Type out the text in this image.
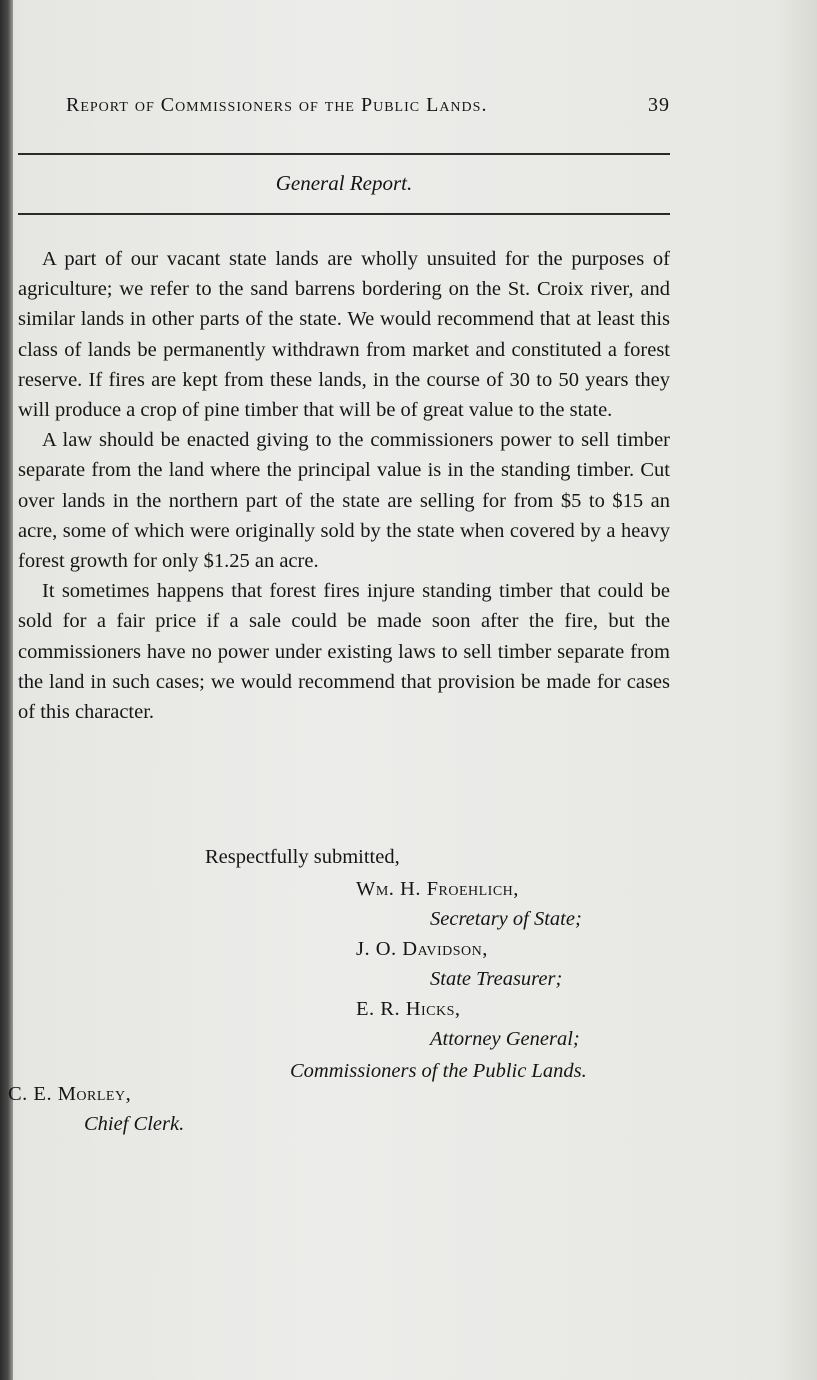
Report of Commissioners of the Public Lands.	39
General Report.

A part of our vacant state lands are wholly unsuited for the purposes of agriculture; we refer to the sand barrens bordering on the St. Croix river, and similar lands in other parts of the state. We would recommend that at least this class of lands be permanently withdrawn from market and constituted a forest reserve. If fires are kept from these lands, in the course of 30 to 50 years they will produce a crop of pine timber that will be of great value to the state.

A law should be enacted giving to the commissioners power to sell timber separate from the land where the principal value is in the standing timber. Cut over lands in the northern part of the state are selling for from $5 to $15 an acre, some of which were originally sold by the state when covered by a heavy forest growth for only $1.25 an acre.

It sometimes happens that forest fires injure standing timber that could be sold for a fair price if a sale could be made soon after the fire, but the commissioners have no power under existing laws to sell timber separate from the land in such cases; we would recommend that provision be made for cases of this character.

Respectfully submitted,
Wm. H. Froehlich,
Secretary of State;
J. O. Davidson,
State Treasurer;
E. R. Hicks,
Attorney General;
Commissioners of the Public Lands.
C. E. Morley,
Chief Clerk.
